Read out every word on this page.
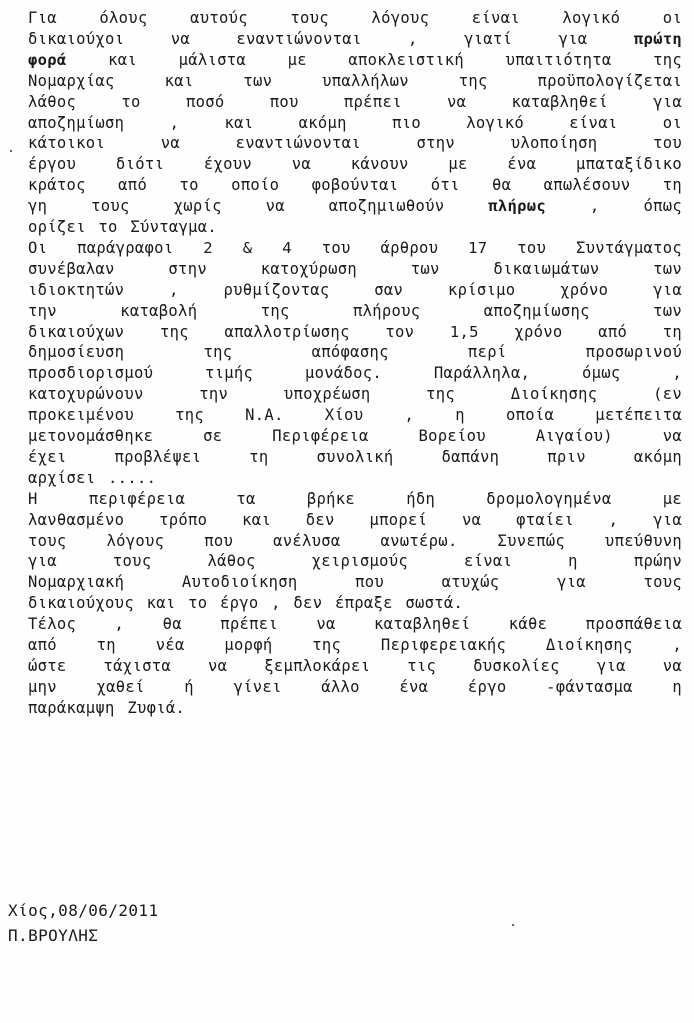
Για όλους αυτούς τους λόγους είναι λογικό οι
δικαιούχοι να εναντιώνονται , γιατί για πρώτη
φορά και μάλιστα με αποκλειστική υπαιτιότητα της
Νομαρχίας και των υπαλλήλων της προϋπολογίζεται
λάθος το ποσό που πρέπει να καταβληθεί για
αποζημίωση , και ακόμη πιο λογικό είναι οι
κάτοικοι να εναντιώνονται στην υλοποίηση του
έργου διότι έχουν να κάνουν με ένα μπαταξίδικο
κράτος από το οποίο φοβούνται ότι θα απωλέσουν τη
γη τους χωρίς να αποζημιωθούν πλήρως , όπως
ορίζει το Σύνταγμα.
Οι παράγραφοι 2 & 4 του άρθρου 17 του Συντάγματος
συνέβαλαν στην κατοχύρωση των δικαιωμάτων των
ιδιοκτητών , ρυθμίζοντας σαν κρίσιμο χρόνο για
την καταβολή της πλήρους αποζημίωσης των
δικαιούχων της απαλλοτρίωσης τον 1,5 χρόνο από τη
δημοσίευση της απόφασης περί προσωρινού
προσδιορισμού τιμής μονάδος. Παράλληλα, όμως ,
κατοχυρώνουν την υποχρέωση της Διοίκησης (εν
προκειμένου της Ν.Α. Χίου , η οποία μετέπειτα
μετονομάσθηκε σε Περιφέρεια Βορείου Αιγαίου) να
έχει προβλέψει τη συνολική δαπάνη πριν ακόμη
αρχίσει .....
Η περιφέρεια τα βρήκε ήδη δρομολογημένα με
λανθασμένο τρόπο και δεν μπορεί να φταίει , για
τους λόγους που ανέλυσα ανωτέρω. Συνεπώς υπεύθυνη
για τους λάθος χειρισμούς είναι η πρώην
Νομαρχιακή Αυτοδιοίκηση που ατυχώς για τους
δικαιούχους και το έργο , δεν έπραξε σωστά.
Τέλος , θα πρέπει να καταβληθεί κάθε προσπάθεια
από τη νέα μορφή της Περιφερειακής Διοίκησης ,
ώστε τάχιστα να ξεμπλοκάρει τις δυσκολίες για να
μην χαθεί ή γίνει άλλο ένα έργο -φάντασμα η
παράκαμψη Ζυφιά.
Χίος,08/06/2011
Π.ΒΡΟΥΛΗΣ
